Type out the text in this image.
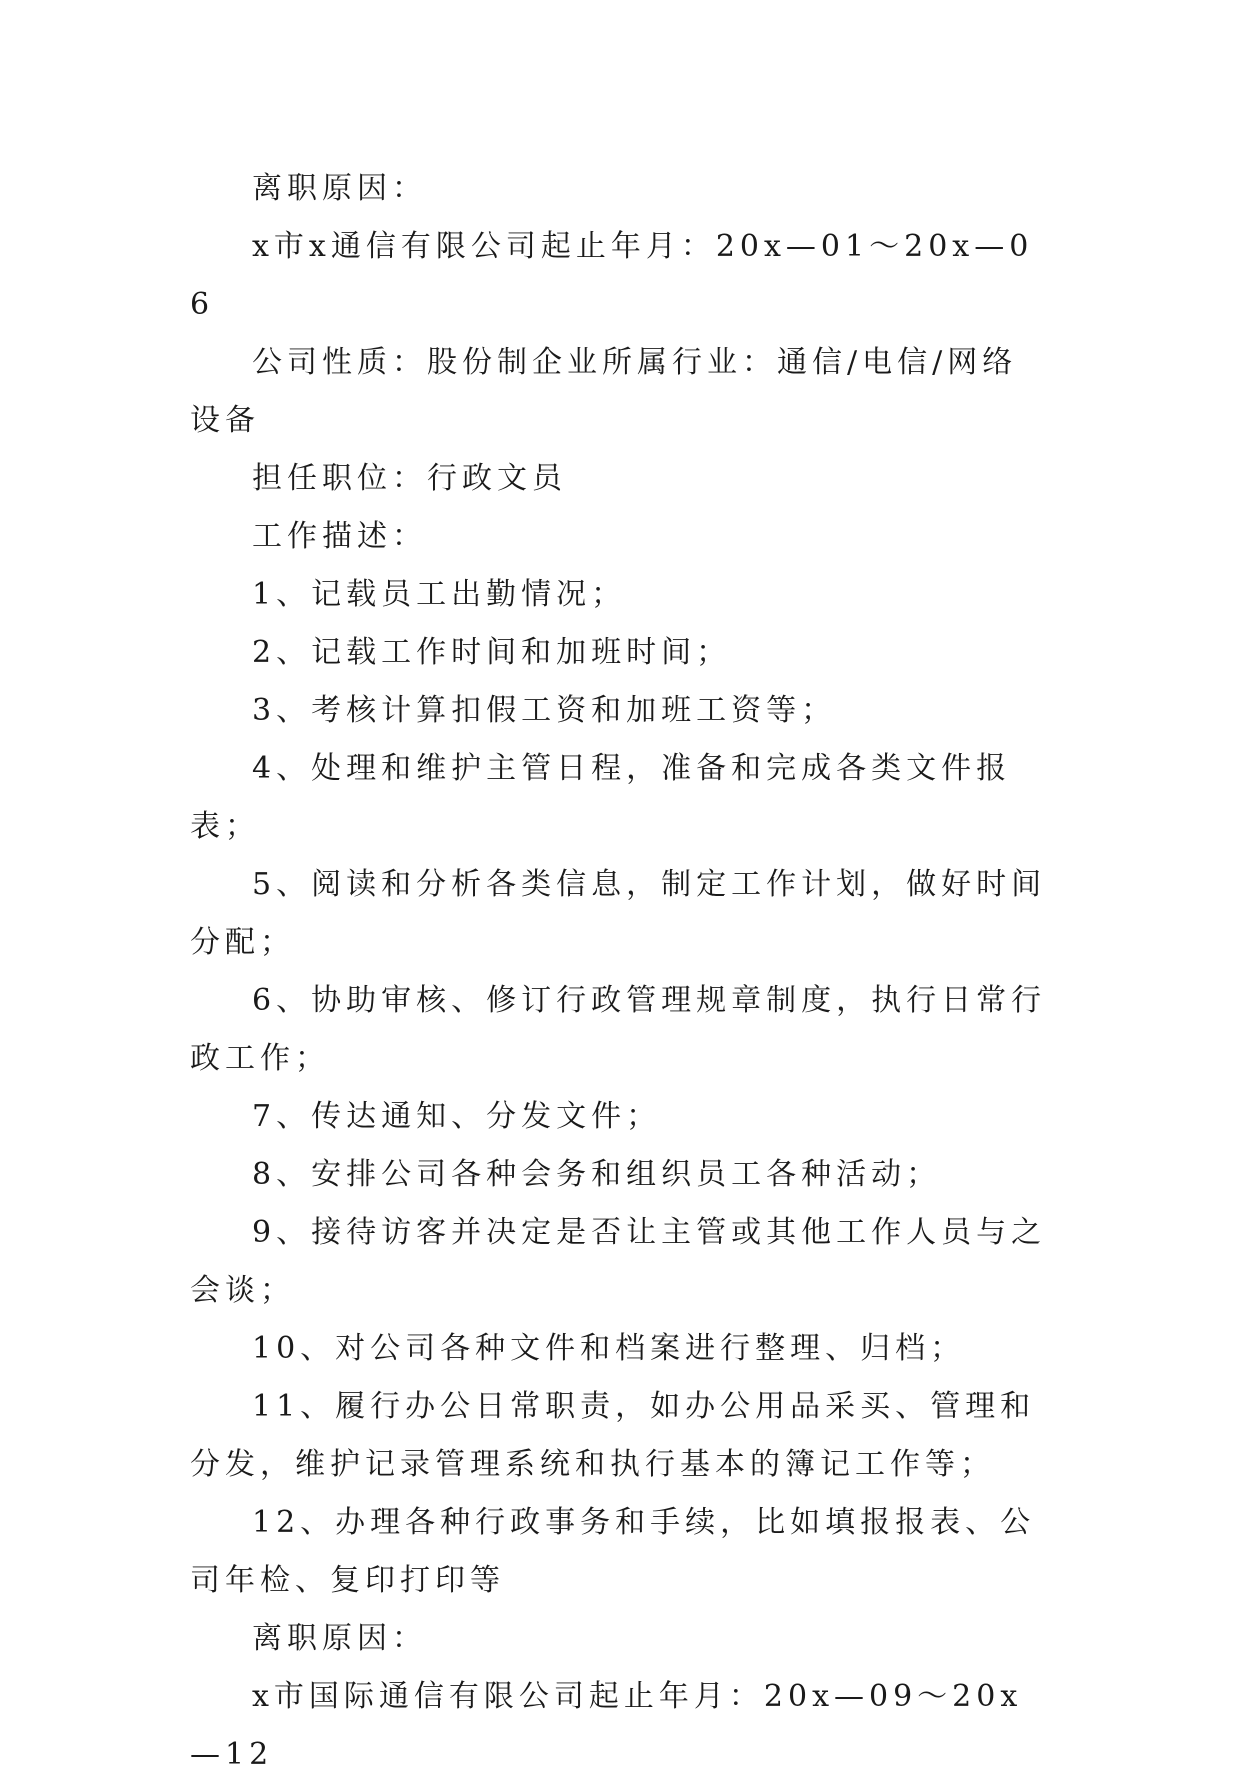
离职原因：

x市x通信有限公司起止年月：20x—01～20x—06

公司性质：股份制企业所属行业：通信/电信/网络设备

担任职位：行政文员

工作描述：

1、记载员工出勤情况；

2、记载工作时间和加班时间；

3、考核计算扣假工资和加班工资等；

4、处理和维护主管日程，准备和完成各类文件报表；

5、阅读和分析各类信息，制定工作计划，做好时间分配；

6、协助审核、修订行政管理规章制度，执行日常行政工作；

7、传达通知、分发文件；

8、安排公司各种会务和组织员工各种活动；

9、接待访客并决定是否让主管或其他工作人员与之会谈；

10、对公司各种文件和档案进行整理、归档；

11、履行办公日常职责，如办公用品采买、管理和分发，维护记录管理系统和执行基本的簿记工作等；

12、办理各种行政事务和手续，比如填报报表、公司年检、复印打印等

离职原因：

x市国际通信有限公司起止年月：20x—09～20x—12
